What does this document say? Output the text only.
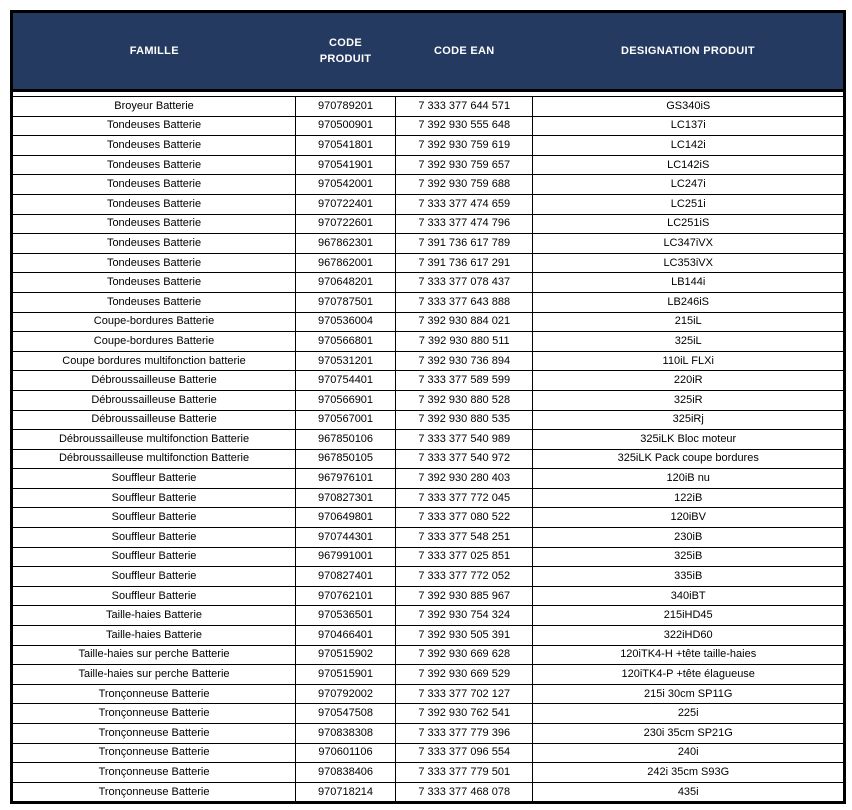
FAMILLE	CODE PRODUIT	CODE EAN	DESIGNATION PRODUIT

Broyeur Batterie	970789201	7 333 377 644 571	GS340iS
Tondeuses Batterie	970500901	7 392 930 555 648	LC137i
Tondeuses Batterie	970541801	7 392 930 759 619	LC142i
Tondeuses Batterie	970541901	7 392 930 759 657	LC142iS
Tondeuses Batterie	970542001	7 392 930 759 688	LC247i
Tondeuses Batterie	970722401	7 333 377 474 659	LC251i
Tondeuses Batterie	970722601	7 333 377 474 796	LC251iS
Tondeuses Batterie	967862301	7 391 736 617 789	LC347iVX
Tondeuses Batterie	967862001	7 391 736 617 291	LC353iVX
Tondeuses Batterie	970648201	7 333 377 078 437	LB144i
Tondeuses Batterie	970787501	7 333 377 643 888	LB246iS
Coupe-bordures Batterie	970536004	7 392 930 884 021	215iL
Coupe-bordures Batterie	970566801	7 392 930 880 511	325iL
Coupe bordures multifonction batterie	970531201	7 392 930 736 894	110iL FLXi
Débroussailleuse Batterie	970754401	7 333 377 589 599	220iR
Débroussailleuse Batterie	970566901	7 392 930 880 528	325iR
Débroussailleuse Batterie	970567001	7 392 930 880 535	325iRj
Débroussailleuse multifonction Batterie	967850106	7 333 377 540 989	325iLK Bloc moteur
Débroussailleuse multifonction Batterie	967850105	7 333 377 540 972	325iLK Pack coupe bordures
Souffleur Batterie	967976101	7 392 930 280 403	120iB nu
Souffleur Batterie	970827301	7 333 377 772 045	122iB
Souffleur Batterie	970649801	7 333 377 080 522	120iBV
Souffleur Batterie	970744301	7 333 377 548 251	230iB
Souffleur Batterie	967991001	7 333 377 025 851	325iB
Souffleur Batterie	970827401	7 333 377 772 052	335iB
Souffleur Batterie	970762101	7 392 930 885 967	340iBT
Taille-haies Batterie	970536501	7 392 930 754 324	215iHD45
Taille-haies Batterie	970466401	7 392 930 505 391	322iHD60
Taille-haies sur perche Batterie	970515902	7 392 930 669 628	120iTK4-H +tête taille-haies
Taille-haies sur perche Batterie	970515901	7 392 930 669 529	120iTK4-P +tête élagueuse
Tronçonneuse Batterie	970792002	7 333 377 702 127	215i 30cm SP11G
Tronçonneuse Batterie	970547508	7 392 930 762 541	225i
Tronçonneuse Batterie	970838308	7 333 377 779 396	230i 35cm SP21G
Tronçonneuse Batterie	970601106	7 333 377 096 554	240i
Tronçonneuse Batterie	970838406	7 333 377 779 501	242i 35cm S93G
Tronçonneuse Batterie	970718214	7 333 377 468 078	435i
